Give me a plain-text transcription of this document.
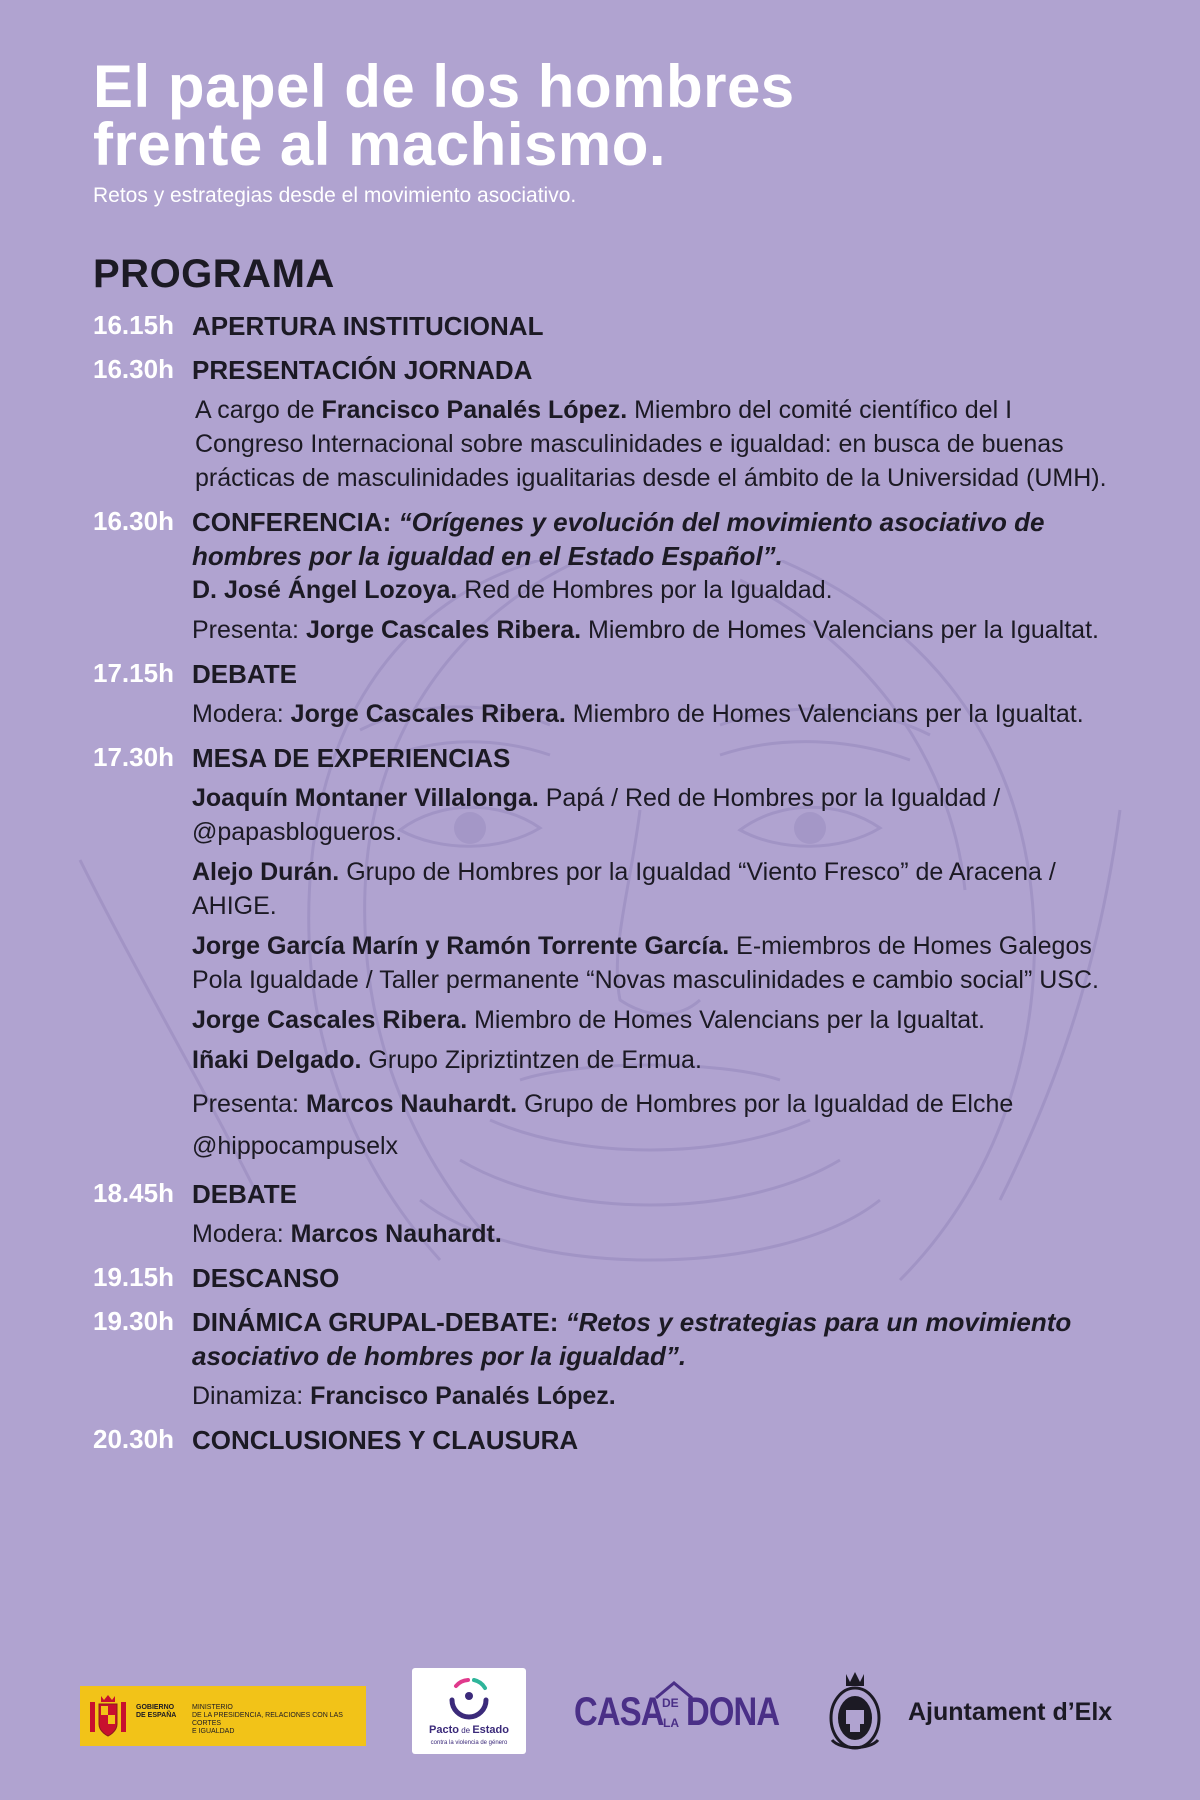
El papel de los hombres
frente al machismo.
Retos y estrategias desde el movimiento asociativo.
PROGRAMA
16.15h APERTURA INSTITUCIONAL
16.30h PRESENTACIÓN JORNADA
A cargo de Francisco Panalés López. Miembro del comité científico del I Congreso Internacional sobre masculinidades e igualdad: en busca de buenas prácticas de masculinidades igualitarias desde el ámbito de la Universidad (UMH).
16.30h CONFERENCIA: “Orígenes y evolución del movimiento asociativo de hombres por la igualdad en el Estado Español”.
D. José Ángel Lozoya. Red de Hombres por la Igualdad.
Presenta: Jorge Cascales Ribera. Miembro de Homes Valencians per la Igualtat.
17.15h DEBATE
Modera: Jorge Cascales Ribera. Miembro de Homes Valencians per la Igualtat.
17.30h MESA DE EXPERIENCIAS
Joaquín Montaner Villalonga. Papá / Red de Hombres por la Igualdad / @papasblogueros.
Alejo Durán. Grupo de Hombres por la Igualdad “Viento Fresco” de Aracena / AHIGE.
Jorge García Marín y Ramón Torrente García. E-miembros de Homes Galegos Pola Igualdade / Taller permanente “Novas masculinidades e cambio social” USC.
Jorge Cascales Ribera. Miembro de Homes Valencians per la Igualtat.
Iñaki Delgado. Grupo Zipriztintzen de Ermua.
Presenta: Marcos Nauhardt. Grupo de Hombres por la Igualdad de Elche @hippocampuselx
18.45h DEBATE
Modera: Marcos Nauhardt.
19.15h DESCANSO
19.30h DINÁMICA GRUPAL-DEBATE: “Retos y estrategias para un movimiento asociativo de hombres por la igualdad”.
Dinamiza: Francisco Panalés López.
20.30h CONCLUSIONES Y CLAUSURA
GOBIERNO
DE ESPAÑA
MINISTERIO
DE LA PRESIDENCIA, RELACIONES CON LAS CORTES
E IGUALDAD	Pacto de Estado
contra la violencia de género
CASA
DE
LA DONA	Ajuntament d’Elx
